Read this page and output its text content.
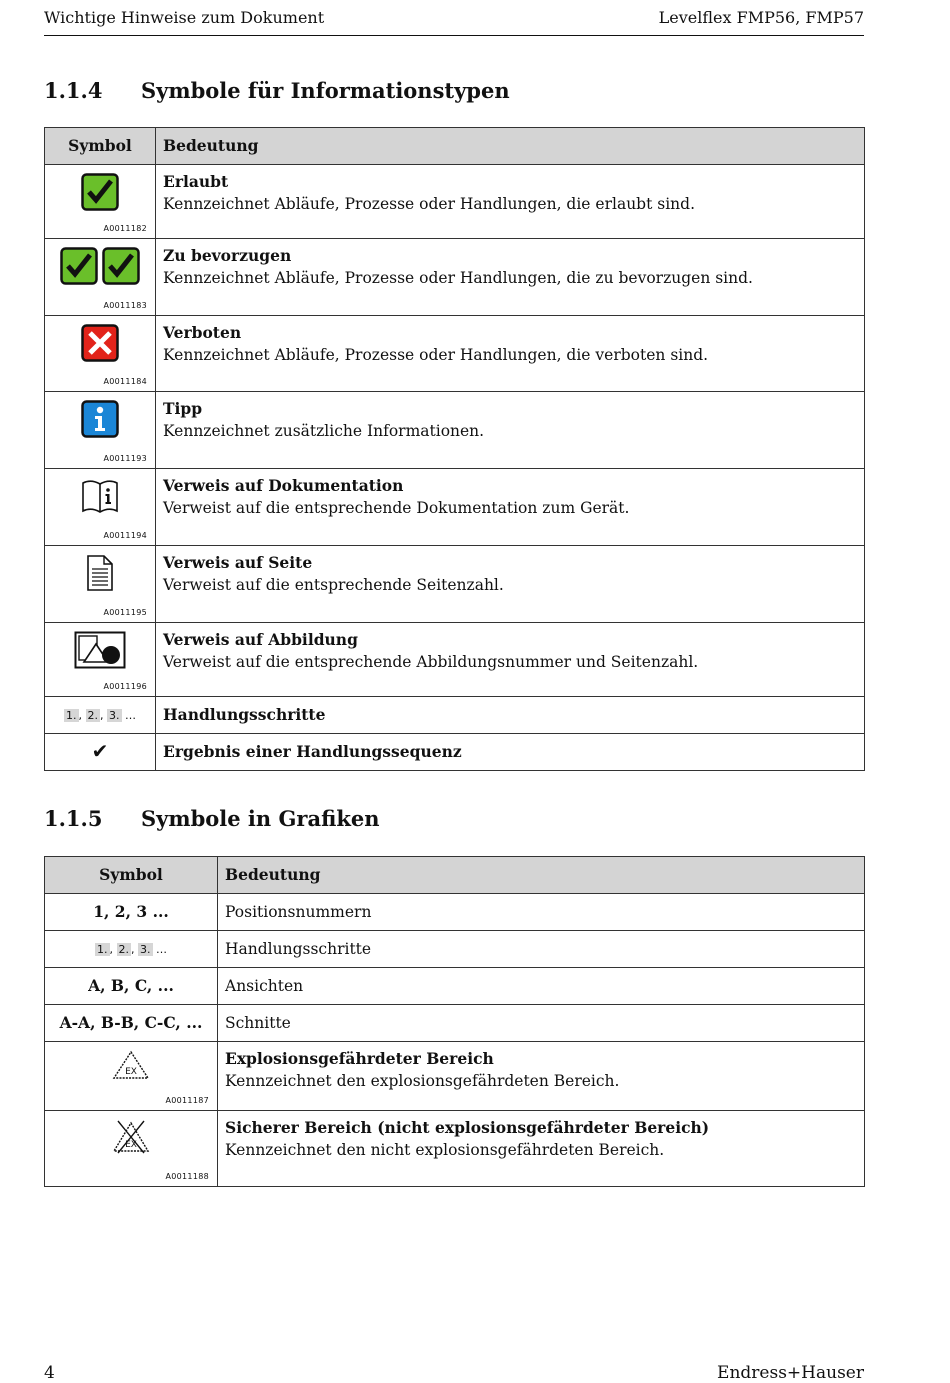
Wichtige Hinweise zum Dokument	Levelflex FMP56, FMP57
1.1.4 Symbole für Informationstypen
Symbol	Bedeutung

A0011182	Erlaubt
Kennzeichnet Abläufe, Prozesse oder Handlungen, die erlaubt sind.

A0011183	Zu bevorzugen
Kennzeichnet Abläufe, Prozesse oder Handlungen, die zu bevorzugen sind.

A0011184	Verboten
Kennzeichnet Abläufe, Prozesse oder Handlungen, die verboten sind.

A0011193	Tipp
Kennzeichnet zusätzliche Informationen.

A0011194	Verweis auf Dokumentation
Verweist auf die entsprechende Dokumentation zum Gerät.

A0011195	Verweis auf Seite
Verweist auf die entsprechende Seitenzahl.

A0011196	Verweis auf Abbildung
Verweist auf die entsprechende Abbildungsnummer und Seitenzahl.

1. , 2. , 3. …	Handlungsschritte
✔	Ergebnis einer Handlungssequenz
1.1.5 Symbole in Grafiken
Symbol	Bedeutung
1, 2, 3 ...	Positionsnummern
1. , 2. , 3. …	Handlungsschritte
A, B, C, ...	Ansichten
A-A, B-B, C-C, ...	Schnitte

EX
A0011187	Explosionsgefährdeter Bereich
Kennzeichnet den explosionsgefährdeten Bereich.

EX
A0011188	Sicherer Bereich (nicht explosionsgefährdeter Bereich)
Kennzeichnet den nicht explosionsgefährdeten Bereich.
4	Endress+Hauser
